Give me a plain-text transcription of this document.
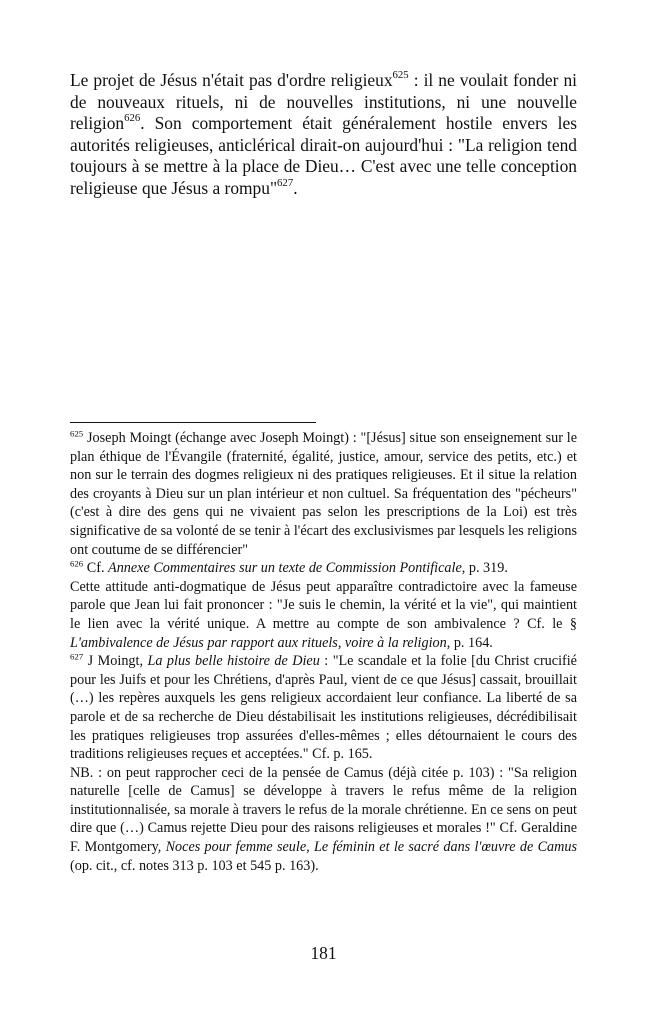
Le projet de Jésus n'était pas d'ordre religieux$^{625}$ : il ne voulait fonder ni de nouveaux rituels, ni de nouvelles institutions, ni une nouvelle religion$^{626}$. Son comportement était généralement hostile envers les autorités religieuses, anticlérical dirait-on aujourd'hui : "La religion tend toujours à se mettre à la place de Dieu… C'est avec une telle conception religieuse que Jésus a rompu"$^{627}$.

$^{625}$ Joseph Moingt (échange avec Joseph Moingt) : "[Jésus] situe son enseignement sur le plan éthique de l'Évangile (fraternité, égalité, justice, amour, service des petits, etc.) et non sur le terrain des dogmes religieux ni des pratiques religieuses. Et il situe la relation des croyants à Dieu sur un plan intérieur et non cultuel. Sa fréquentation des "pécheurs" (c'est à dire des gens qui ne vivaient pas selon les prescriptions de la Loi) est très significative de sa volonté de se tenir à l'écart des exclusivismes par lesquels les religions ont coutume de se différencier"

$^{626}$ Cf. Annexe Commentaires sur un texte de Commission Pontificale, p. 319.

Cette attitude anti-dogmatique de Jésus peut apparaître contradictoire avec la fameuse parole que Jean lui fait prononcer : "Je suis le chemin, la vérité et la vie", qui maintient le lien avec la vérité unique. A mettre au compte de son ambivalence ? Cf. le § L'ambivalence de Jésus par rapport aux rituels, voire à la religion, p. 164.

$^{627}$ J Moingt, La plus belle histoire de Dieu : "Le scandale et la folie [du Christ crucifié pour les Juifs et pour les Chrétiens, d'après Paul, vient de ce que Jésus] cassait, brouillait (…) les repères auxquels les gens religieux accordaient leur confiance. La liberté de sa parole et de sa recherche de Dieu déstabilisait les institutions religieuses, décrédibilisait les pratiques religieuses trop assurées d'elles-mêmes ; elles détournaient le cours des traditions religieuses reçues et acceptées." Cf. p. 165.

NB. : on peut rapprocher ceci de la pensée de Camus (déjà citée p. 103) : "Sa religion naturelle [celle de Camus] se développe à travers le refus même de la religion institutionnalisée, sa morale à travers le refus de la morale chrétienne. En ce sens on peut dire que (…) Camus rejette Dieu pour des raisons religieuses et morales !" Cf. Geraldine F. Montgomery, Noces pour femme seule, Le féminin et le sacré dans l'œuvre de Camus (op. cit., cf. notes 313 p. 103 et 545 p. 163).

181
